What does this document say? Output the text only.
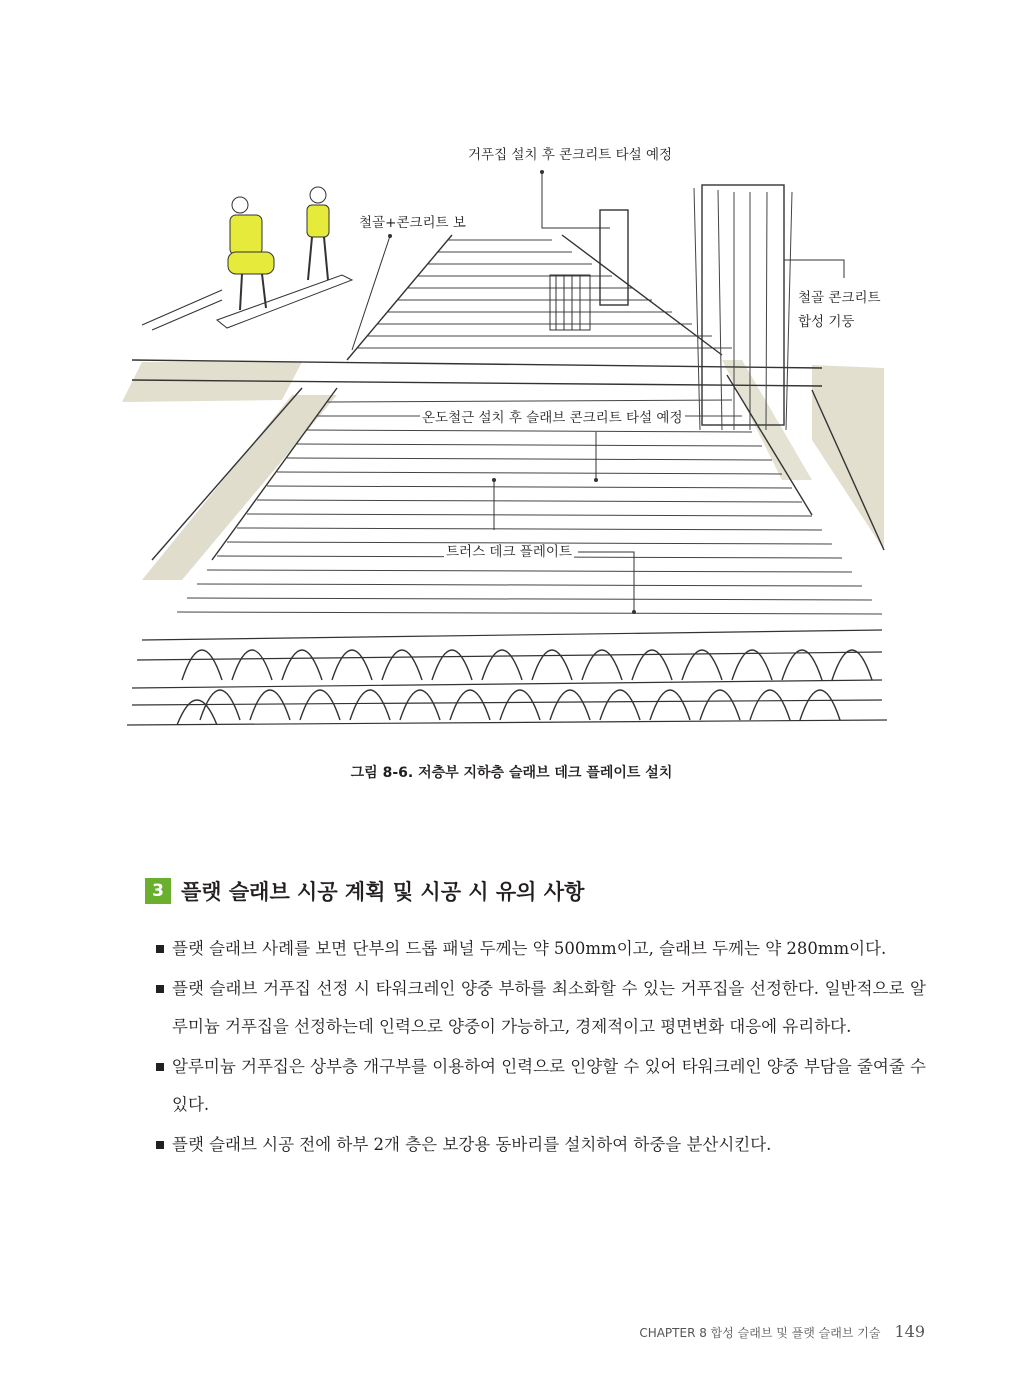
거푸집 설치 후 콘크리트 타설 예정
철골+콘크리트 보
철골 콘크리트
합성 기둥
온도철근 설치 후 슬래브 콘크리트 타설 예정
트러스 데크 플레이트
그림 8-6. 저층부 지하층 슬래브 데크 플레이트 설치
3 플랫 슬래브 시공 계획 및 시공 시 유의 사항
플랫 슬래브 사례를 보면 단부의 드롭 패널 두께는 약 500mm이고, 슬래브 두께는 약 280mm이다.
플랫 슬래브 거푸집 선정 시 타워크레인 양중 부하를 최소화할 수 있는 거푸집을 선정한다. 일반적으로 알루미늄 거푸집을 선정하는데 인력으로 양중이 가능하고, 경제적이고 평면변화 대응에 유리하다.
알루미늄 거푸집은 상부층 개구부를 이용하여 인력으로 인양할 수 있어 타워크레인 양중 부담을 줄여줄 수 있다.
플랫 슬래브 시공 전에 하부 2개 층은 보강용 동바리를 설치하여 하중을 분산시킨다.
CHAPTER 8 합성 슬래브 및 플랫 슬래브 기술 149
